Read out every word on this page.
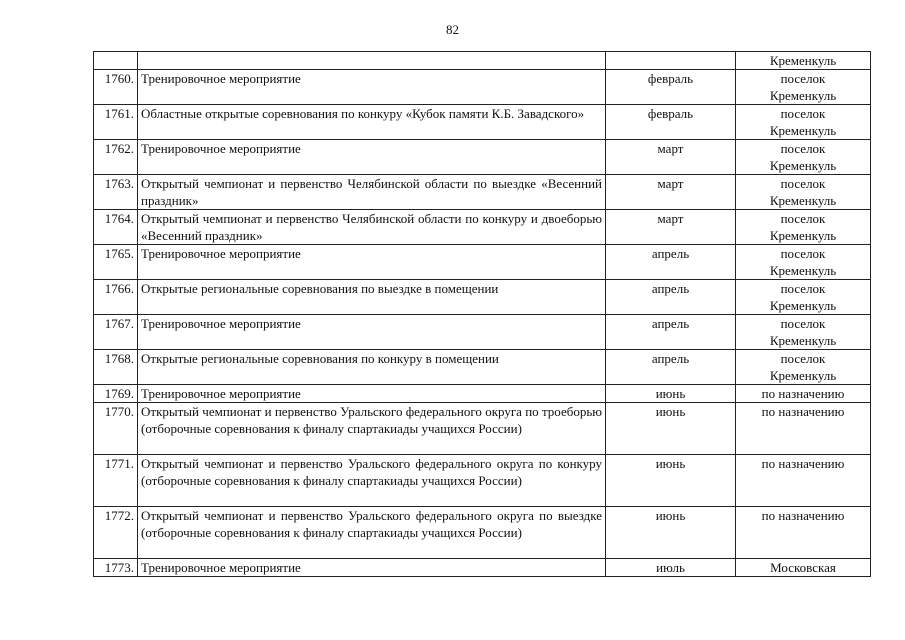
82

			Кременкуль

1760.	Тренировочное мероприятие	февраль	поселок
Кременкуль

1761.	Областные открытые соревнования по конкуру «Кубок памяти К.Б. Завадского»	февраль	поселок
Кременкуль

1762.	Тренировочное мероприятие	март	поселок
Кременкуль

1763.	Открытый чемпионат и первенство Челябинской области по выездке «Весенний праздник»	март	поселок
Кременкуль

1764.	Открытый чемпионат и первенство Челябинской области по конкуру и двоеборью «Весенний праздник»	март	поселок
Кременкуль

1765.	Тренировочное мероприятие	апрель	поселок
Кременкуль

1766.	Открытые региональные соревнования по выездке в помещении	апрель	поселок
Кременкуль

1767.	Тренировочное мероприятие	апрель	поселок
Кременкуль

1768.	Открытые региональные соревнования по конкуру в помещении	апрель	поселок
Кременкуль

1769.	Тренировочное мероприятие	июнь	по назначению

1770.	Открытый чемпионат и первенство Уральского федерального округа по троеборью (отборочные соревнования к финалу спартакиады учащихся России)	июнь	по назначению

1771.	Открытый чемпионат и первенство Уральского федерального округа по конкуру (отборочные соревнования к финалу спартакиады учащихся России)	июнь	по назначению

1772.	Открытый чемпионат и первенство Уральского федерального округа по выездке (отборочные соревнования к финалу спартакиады учащихся России)	июнь	по назначению

1773.	Тренировочное мероприятие	июль	Московская
